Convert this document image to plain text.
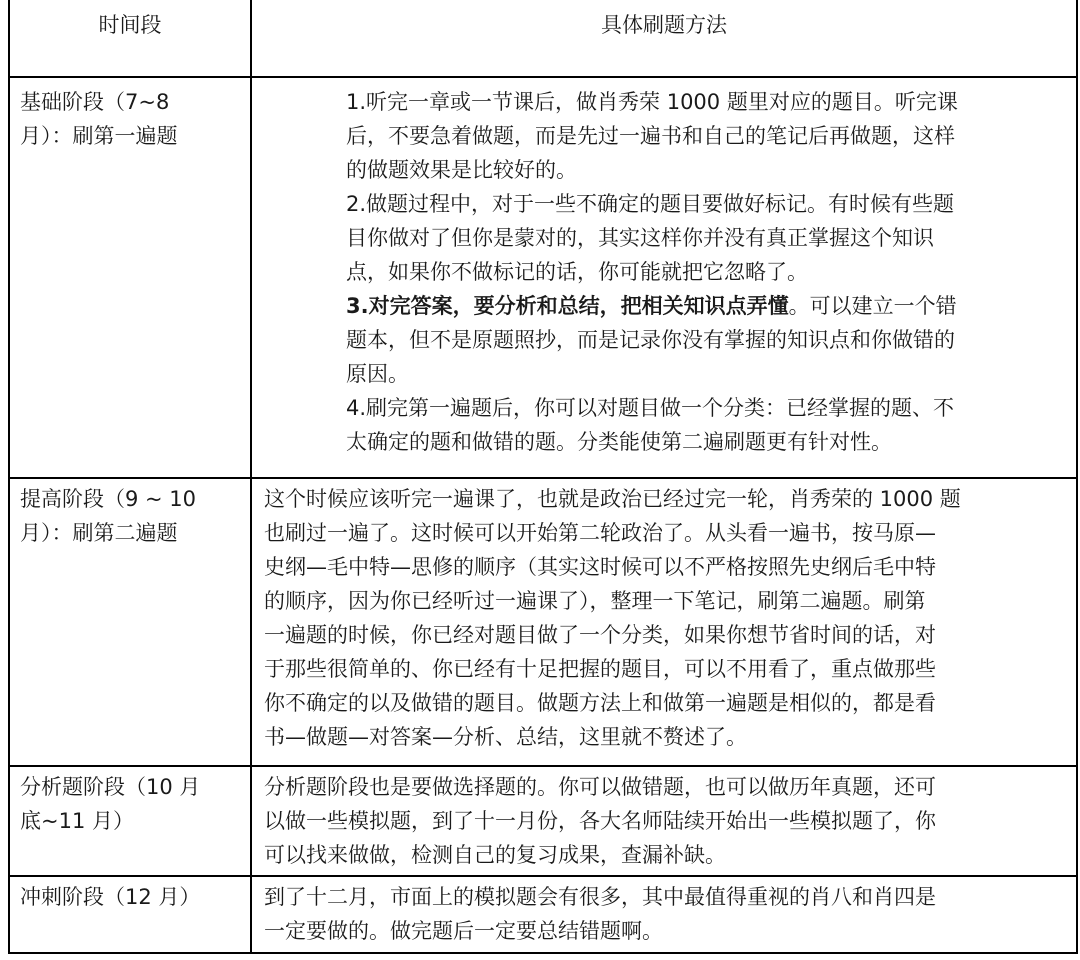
时间段	具体刷题方法
基础阶段（7~8
月）：刷第一遍题
1.听完一章或一节课后，做肖秀荣 1000 题里对应的题目。听完课
后，不要急着做题，而是先过一遍书和自己的笔记后再做题，这样
的做题效果是比较好的。
2.做题过程中，对于一些不确定的题目要做好标记。有时候有些题
目你做对了但你是蒙对的，其实这样你并没有真正掌握这个知识
点，如果你不做标记的话，你可能就把它忽略了。
3.对完答案，要分析和总结，把相关知识点弄懂。可以建立一个错
题本，但不是原题照抄，而是记录你没有掌握的知识点和你做错的
原因。
4.刷完第一遍题后，你可以对题目做一个分类：已经掌握的题、不
太确定的题和做错的题。分类能使第二遍刷题更有针对性。
提高阶段（9 ~ 10
月）：刷第二遍题
这个时候应该听完一遍课了，也就是政治已经过完一轮，肖秀荣的 1000 题
也刷过一遍了。这时候可以开始第二轮政治了。从头看一遍书，按马原—
史纲—毛中特—思修的顺序（其实这时候可以不严格按照先史纲后毛中特
的顺序，因为你已经听过一遍课了），整理一下笔记，刷第二遍题。刷第
一遍题的时候，你已经对题目做了一个分类，如果你想节省时间的话，对
于那些很简单的、你已经有十足把握的题目，可以不用看了，重点做那些
你不确定的以及做错的题目。做题方法上和做第一遍题是相似的，都是看
书—做题—对答案—分析、总结，这里就不赘述了。
分析题阶段（10 月
底~11 月）
分析题阶段也是要做选择题的。你可以做错题，也可以做历年真题，还可
以做一些模拟题，到了十一月份，各大名师陆续开始出一些模拟题了，你
可以找来做做，检测自己的复习成果，查漏补缺。
冲刺阶段（12 月）	到了十二月，市面上的模拟题会有很多，其中最值得重视的肖八和肖四是
一定要做的。做完题后一定要总结错题啊。
